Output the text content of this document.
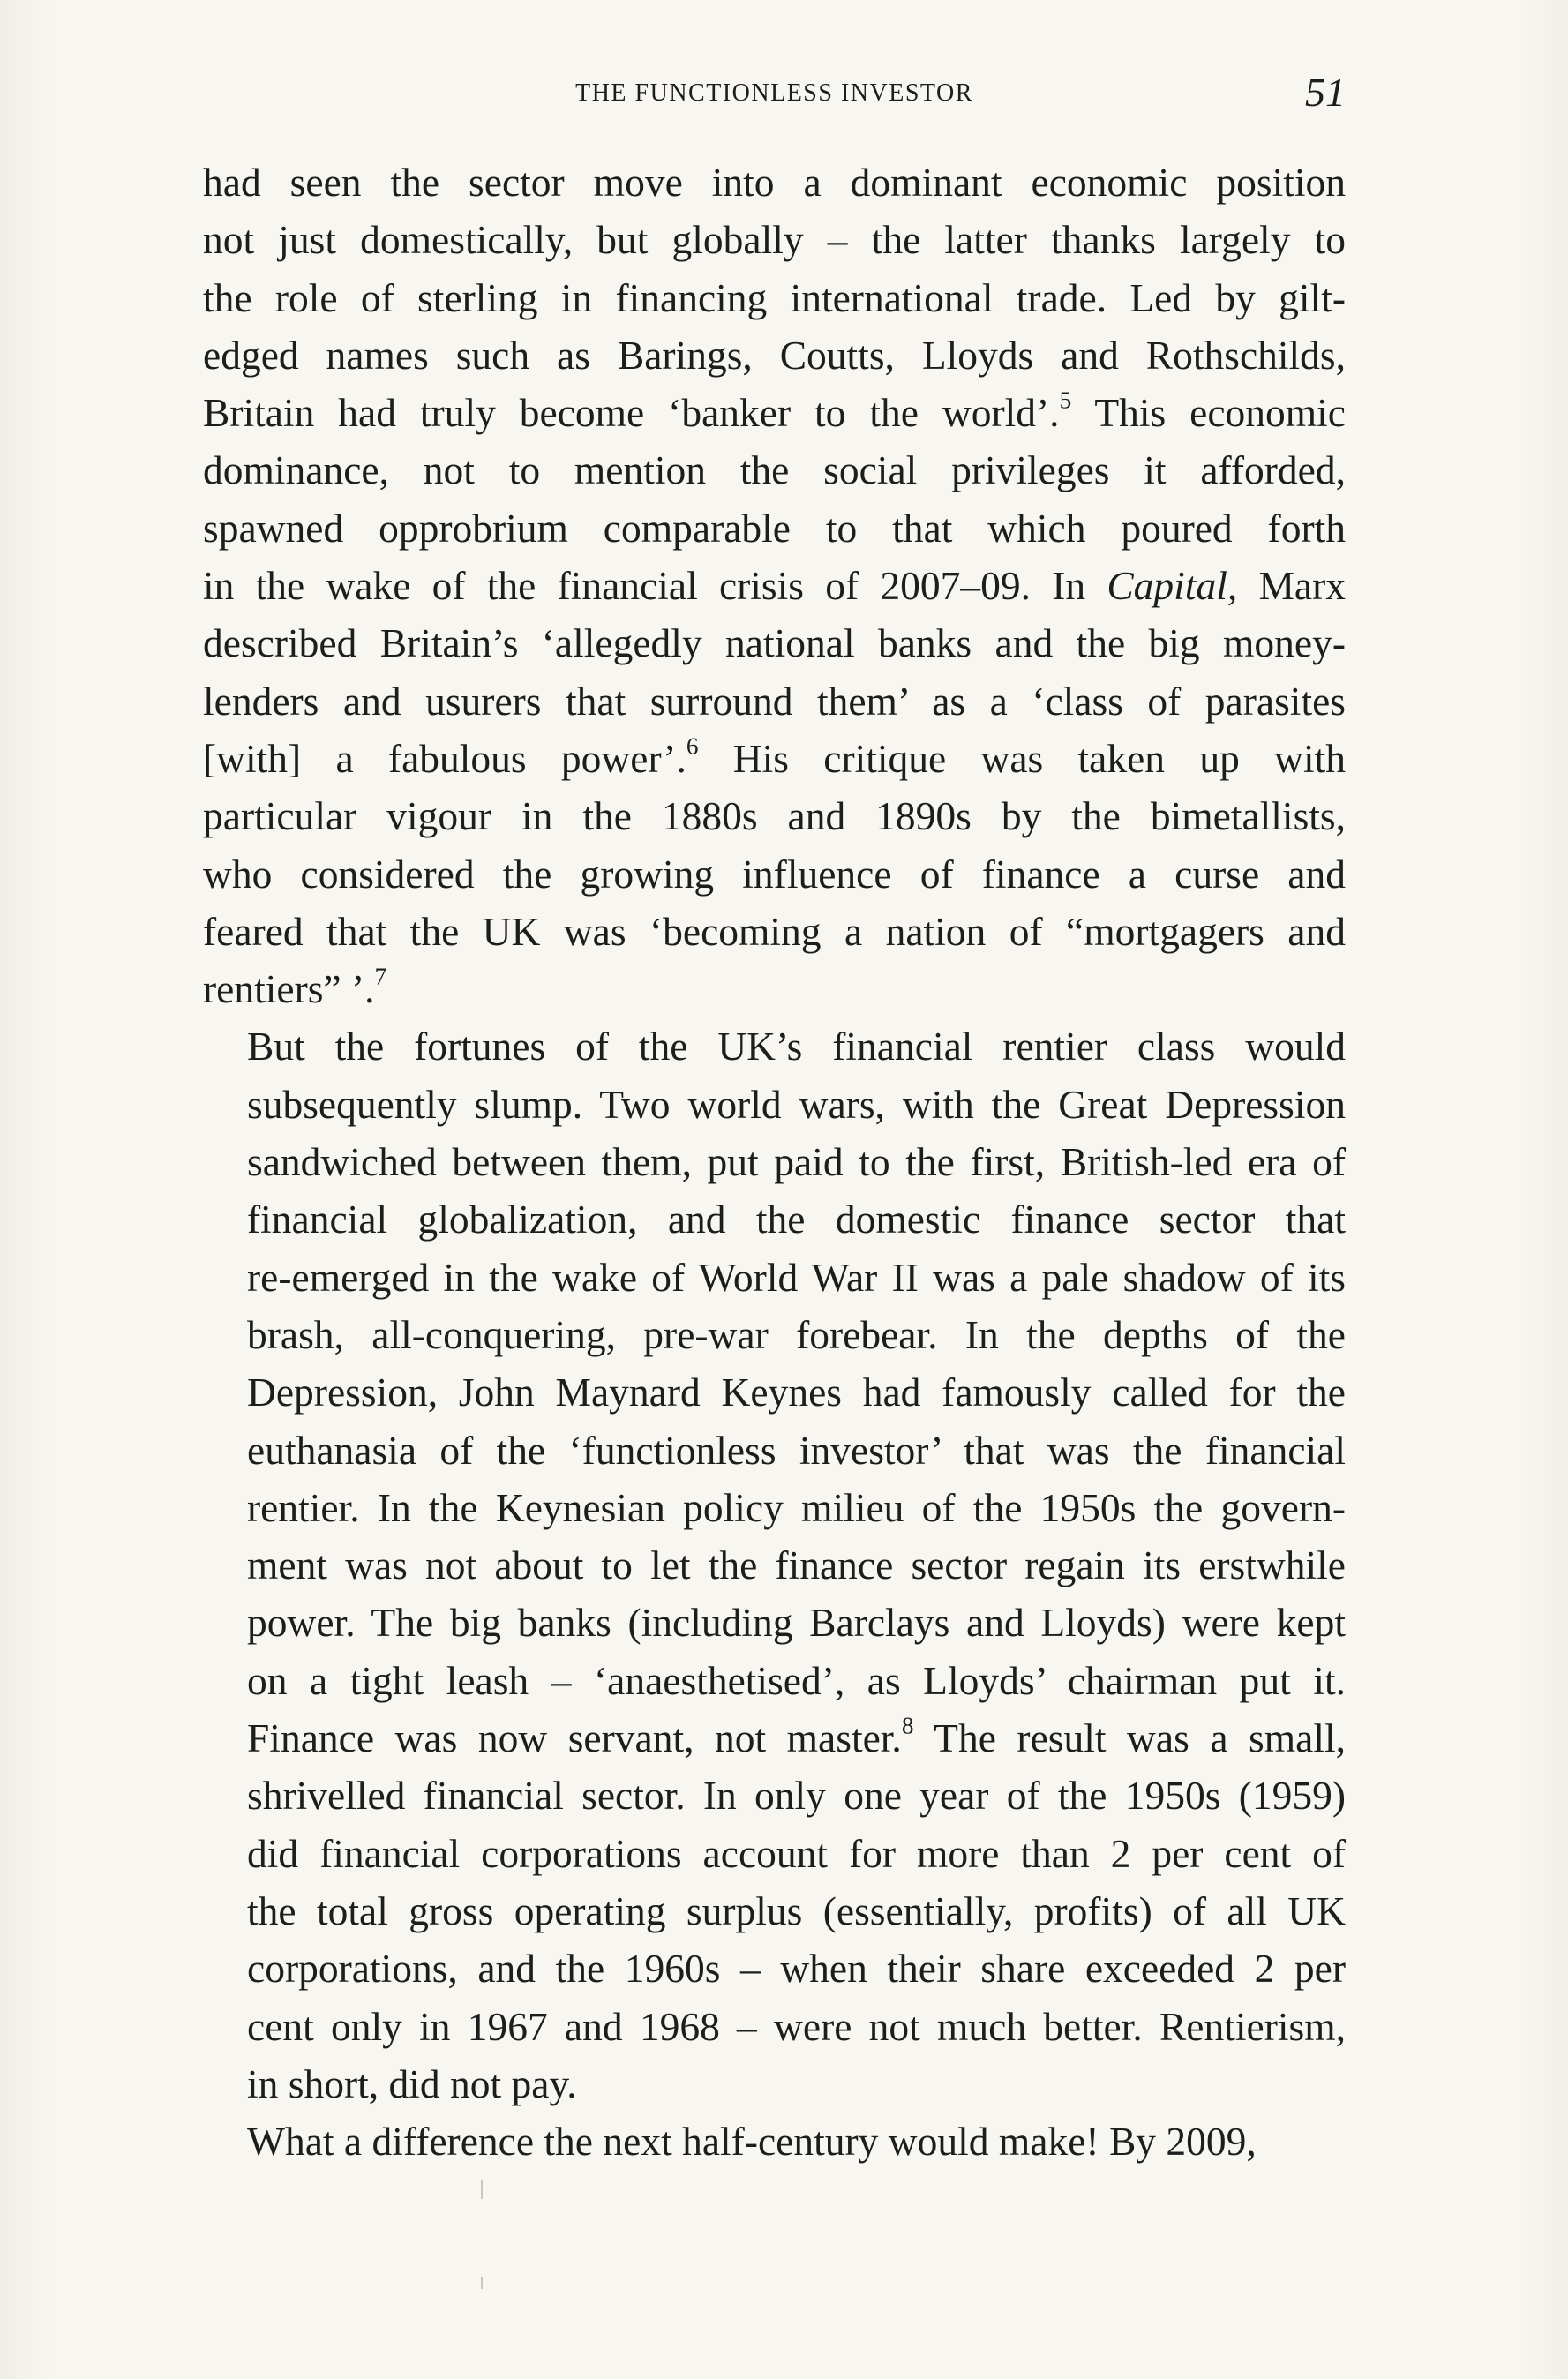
THE FUNCTIONLESS INVESTOR	51

had seen the sector move into a dominant economic position
not just domestically, but globally – the latter thanks largely to
the role of sterling in financing international trade. Led by gilt-
edged names such as Barings, Coutts, Lloyds and Rothschilds,
Britain had truly become ‘banker to the world’.$^5$ This economic
dominance, not to mention the social privileges it afforded,
spawned opprobrium comparable to that which poured forth
in the wake of the financial crisis of 2007–09. In Capital, Marx
described Britain’s ‘allegedly national banks and the big money-
lenders and usurers that surround them’ as a ‘class of parasites
[with] a fabulous power’.$^6$ His critique was taken up with
particular vigour in the 1880s and 1890s by the bimetallists,
who considered the growing influence of finance a curse and
feared that the UK was ‘becoming a nation of “mortgagers and
rentiers” ’.$^7$

But the fortunes of the UK’s financial rentier class would
subsequently slump. Two world wars, with the Great Depression
sandwiched between them, put paid to the first, British-led era of
financial globalization, and the domestic finance sector that
re-emerged in the wake of World War II was a pale shadow of its
brash, all-conquering, pre-war forebear. In the depths of the
Depression, John Maynard Keynes had famously called for the
euthanasia of the ‘functionless investor’ that was the financial
rentier. In the Keynesian policy milieu of the 1950s the govern-
ment was not about to let the finance sector regain its erstwhile
power. The big banks (including Barclays and Lloyds) were kept
on a tight leash – ‘anaesthetised’, as Lloyds’ chairman put it.
Finance was now servant, not master.$^8$ The result was a small,
shrivelled financial sector. In only one year of the 1950s (1959)
did financial corporations account for more than 2 per cent of
the total gross operating surplus (essentially, profits) of all UK
corporations, and the 1960s – when their share exceeded 2 per
cent only in 1967 and 1968 – were not much better. Rentierism,
in short, did not pay.

What a difference the next half-century would make! By 2009,
